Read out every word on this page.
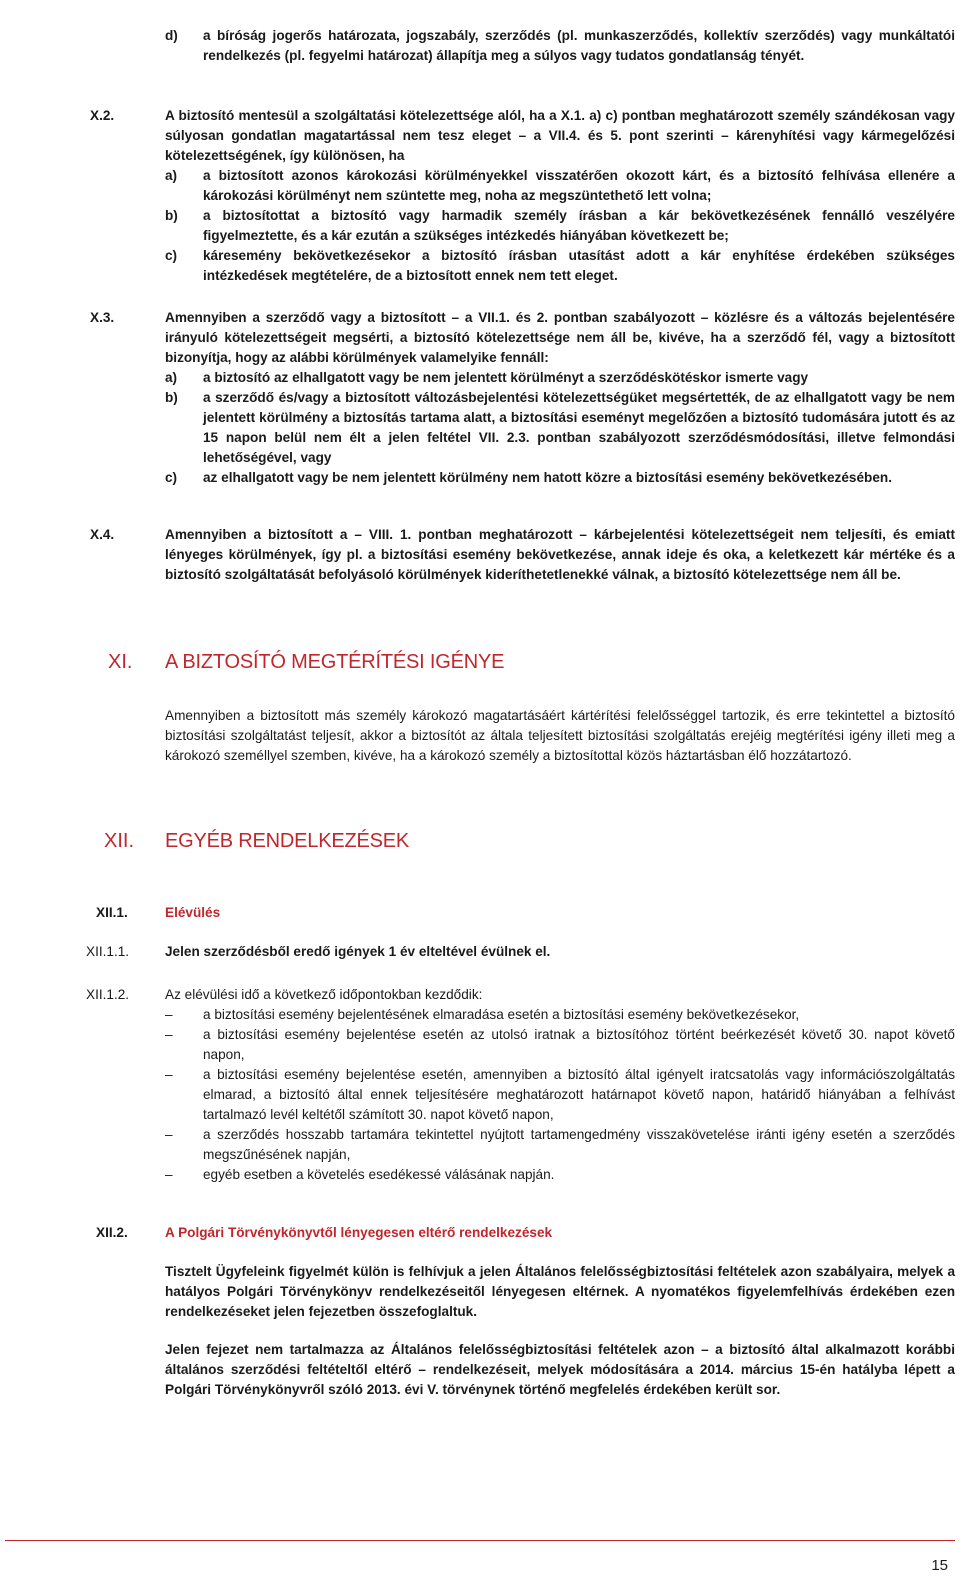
d)	a bíróság jogerős határozata, jogszabály, szerződés (pl. munkaszerződés, kollektív szerződés) vagy munkáltatói rendelkezés (pl. fegyelmi határozat) állapítja meg a súlyos vagy tudatos gondatlanság tényét.
X.2.	A biztosító mentesül a szolgáltatási kötelezettsége alól, ha a X.1. a) c) pontban meghatározott személy szándékosan vagy súlyosan gondatlan magatartással nem tesz eleget – a VII.4. és 5. pont szerinti – kárenyhítési vagy kármegelőzési kötelezettségének, így különösen, ha
a)	a biztosított azonos károkozási körülményekkel visszatérően okozott kárt, és a biztosító felhívása ellenére a károkozási körülményt nem szüntette meg, noha az megszüntethető lett volna;
b)	a biztosítottat a biztosító vagy harmadik személy írásban a kár bekövetkezésének fennálló veszélyére figyelmeztette, és a kár ezután a szükséges intézkedés hiányában következett be;
c)	káresemény bekövetkezésekor a biztosító írásban utasítást adott a kár enyhítése érdekében szükséges intézkedések megtételére, de a biztosított ennek nem tett eleget.
X.3.	Amennyiben a szerződő vagy a biztosított – a VII.1. és 2. pontban szabályozott – közlésre és a változás bejelentésére irányuló kötelezettségeit megsérti, a biztosító kötelezettsége nem áll be, kivéve, ha a szerződő fél, vagy a biztosított bizonyítja, hogy az alábbi körülmények valamelyike fennáll:
a)	a biztosító az elhallgatott vagy be nem jelentett körülményt a szerződéskötéskor ismerte vagy
b)	a szerződő és/vagy a biztosított változásbejelentési kötelezettségüket megsértették, de az elhallgatott vagy be nem jelentett körülmény a biztosítás tartama alatt, a biztosítási eseményt megelőzően a biztosító tudomására jutott és az 15 napon belül nem élt a jelen feltétel VII. 2.3. pontban szabályozott szerződésmódosítási, illetve felmondási lehetőségével, vagy
c)	az elhallgatott vagy be nem jelentett körülmény nem hatott közre a biztosítási esemény bekövetkezésében.
X.4.	Amennyiben a biztosított a – VIII. 1. pontban meghatározott – kárbejelentési kötelezettségeit nem teljesíti, és emiatt lényeges körülmények, így pl. a biztosítási esemény bekövetkezése, annak ideje és oka, a keletkezett kár mértéke és a biztosító szolgáltatását befolyásoló körülmények kideríthetetlenekké válnak, a biztosító kötelezettsége nem áll be.
XI. A BIZTOSÍTÓ MEGTÉRÍTÉSI IGÉNYE
Amennyiben a biztosított más személy károkozó magatartásáért kártérítési felelősséggel tartozik, és erre tekintettel a biztosító biztosítási szolgáltatást teljesít, akkor a biztosítót az általa teljesített biztosítási szolgáltatás erejéig megtérítési igény illeti meg a károkozó személlyel szemben, kivéve, ha a károkozó személy a biztosítottal közös háztartásban élő hozzátartozó.
XII. EGYÉB RENDELKEZÉSEK
XII.1.	Elévülés
XII.1.1.	Jelen szerződésből eredő igények 1 év elteltével évülnek el.
XII.1.2.	Az elévülési idő a következő időpontokban kezdődik:
–	a biztosítási esemény bejelentésének elmaradása esetén a biztosítási esemény bekövetkezésekor,
–	a biztosítási esemény bejelentése esetén az utolsó iratnak a biztosítóhoz történt beérkezését követő 30. napot követő napon,
–	a biztosítási esemény bejelentése esetén, amennyiben a biztosító által igényelt iratcsatolás vagy információszolgáltatás elmarad, a biztosító által ennek teljesítésére meghatározott határnapot követő napon, határidő hiányában a felhívást tartalmazó levél keltétől számított 30. napot követő napon,
–	a szerződés hosszabb tartamára tekintettel nyújtott tartamengedmény visszakövetelése iránti igény esetén a szerződés megszűnésének napján,
–	egyéb esetben a követelés esedékessé válásának napján.
XII.2.	A Polgári Törvénykönyvtől lényegesen eltérő rendelkezések
Tisztelt Ügyfeleink figyelmét külön is felhívjuk a jelen Általános felelősségbiztosítási feltételek azon szabályaira, melyek a hatályos Polgári Törvénykönyv rendelkezéseitől lényegesen eltérnek. A nyomatékos figyelemfelhívás érdekében ezen rendelkezéseket jelen fejezetben összefoglaltuk.
Jelen fejezet nem tartalmazza az Általános felelősségbiztosítási feltételek azon – a biztosító által alkalmazott korábbi általános szerződési feltételtől eltérő – rendelkezéseit, melyek módosítására a 2014. március 15-én hatályba lépett a Polgári Törvénykönyvről szóló 2013. évi V. törvénynek történő megfelelés érdekében került sor.
15
